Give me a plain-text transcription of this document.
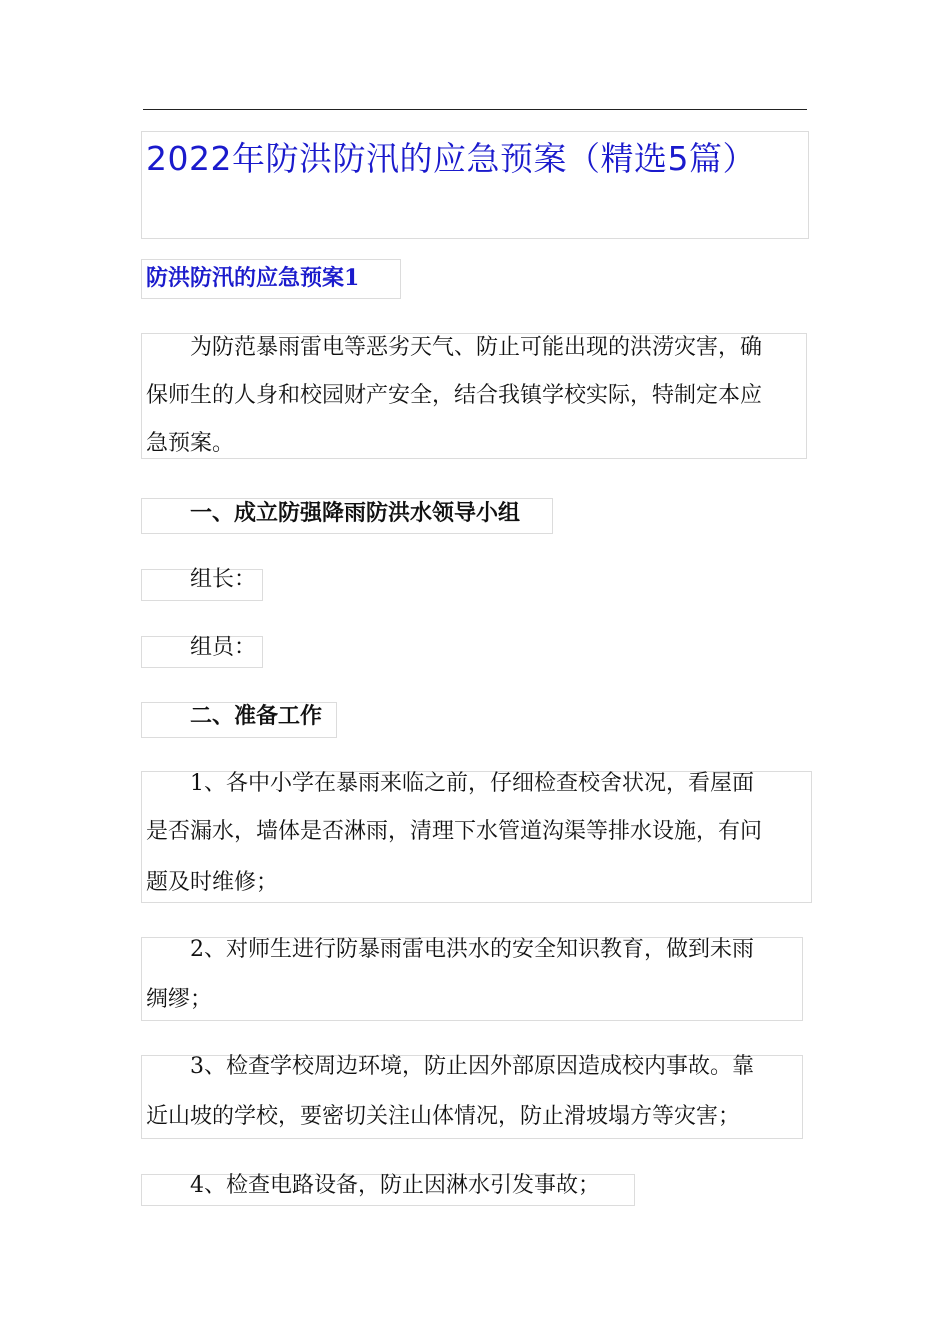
2022年防洪防汛的应急预案（精选5篇）
防洪防汛的应急预案1

为防范暴雨雷电等恶劣天气、防止可能出现的洪涝灾害，确

保师生的人身和校园财产安全，结合我镇学校实际，特制定本应

急预案。

一、成立防强降雨防洪水领导小组

组长：

组员：

二、准备工作

1、各中小学在暴雨来临之前，仔细检查校舍状况，看屋面

是否漏水，墙体是否淋雨，清理下水管道沟渠等排水设施，有问

题及时维修；

2、对师生进行防暴雨雷电洪水的安全知识教育，做到未雨

绸缪；

3、检查学校周边环境，防止因外部原因造成校内事故。靠

近山坡的学校，要密切关注山体情况，防止滑坡塌方等灾害；

4、检查电路设备，防止因淋水引发事故；
